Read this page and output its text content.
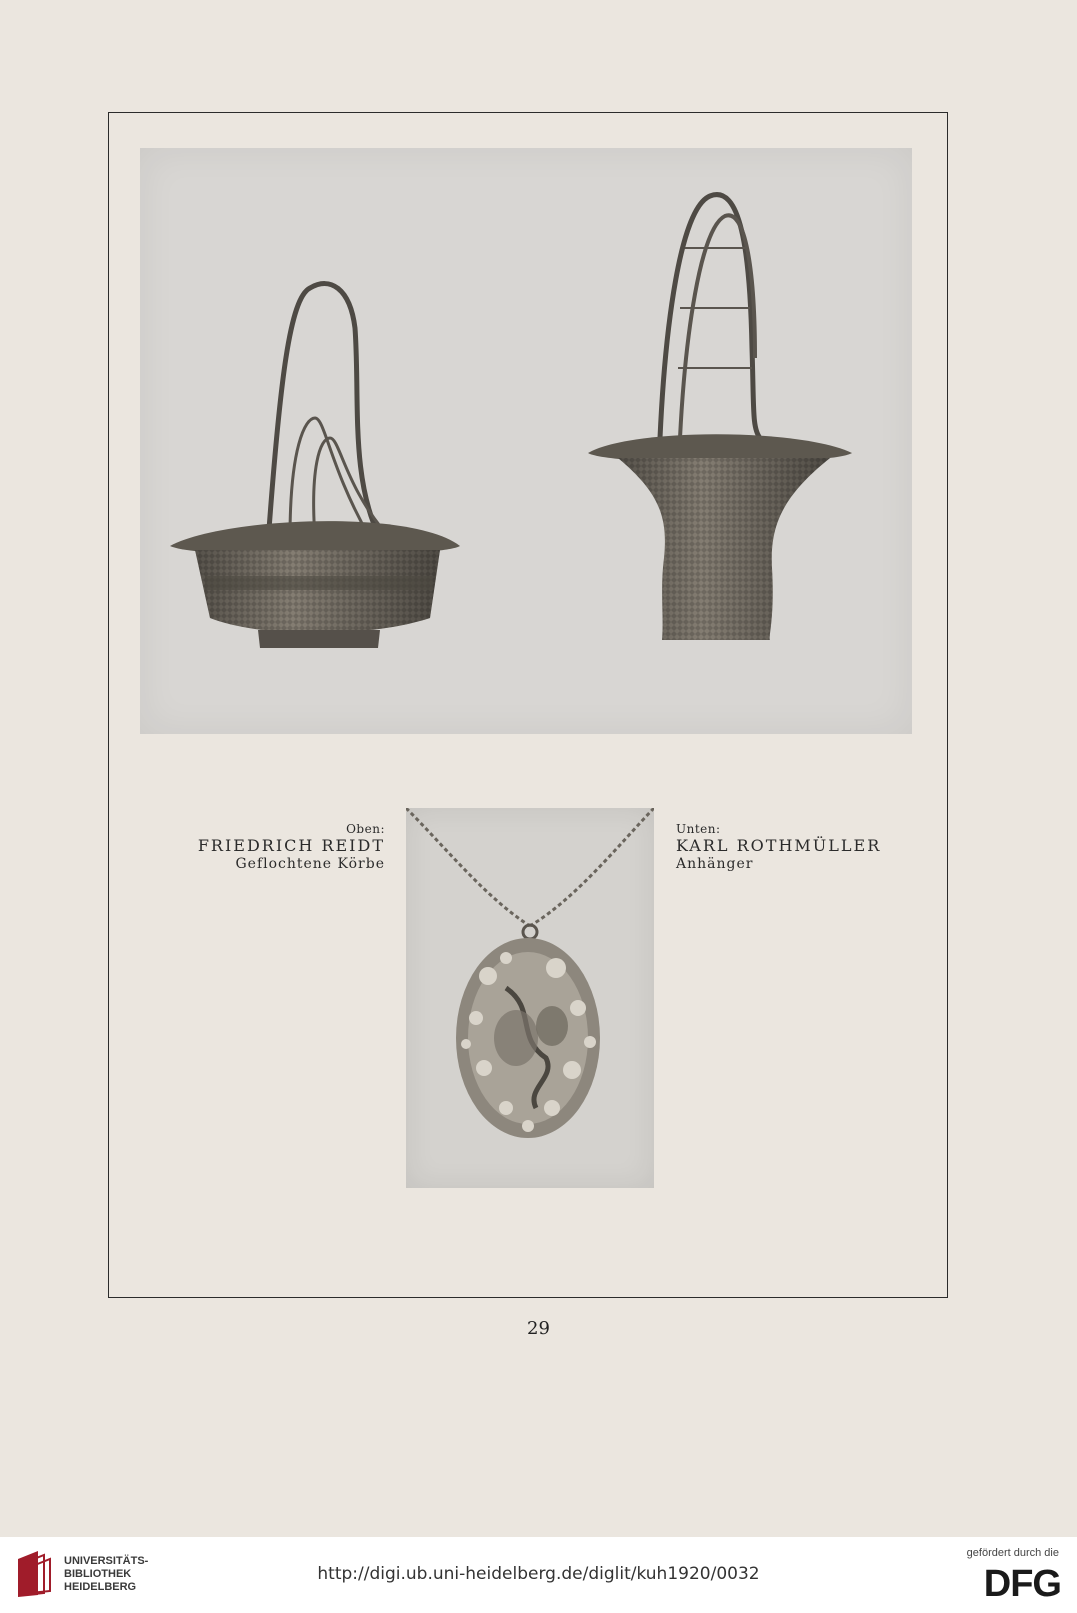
Oben:
FRIEDRICH REIDT
Geflochtene Körbe
Unten:
KARL ROTHMÜLLER
Anhänger
29
UNIVERSITÄTS-
BIBLIOTHEK
HEIDELBERG
http://digi.ub.uni-heidelberg.de/diglit/kuh1920/0032
gefördert durch die
DFG
